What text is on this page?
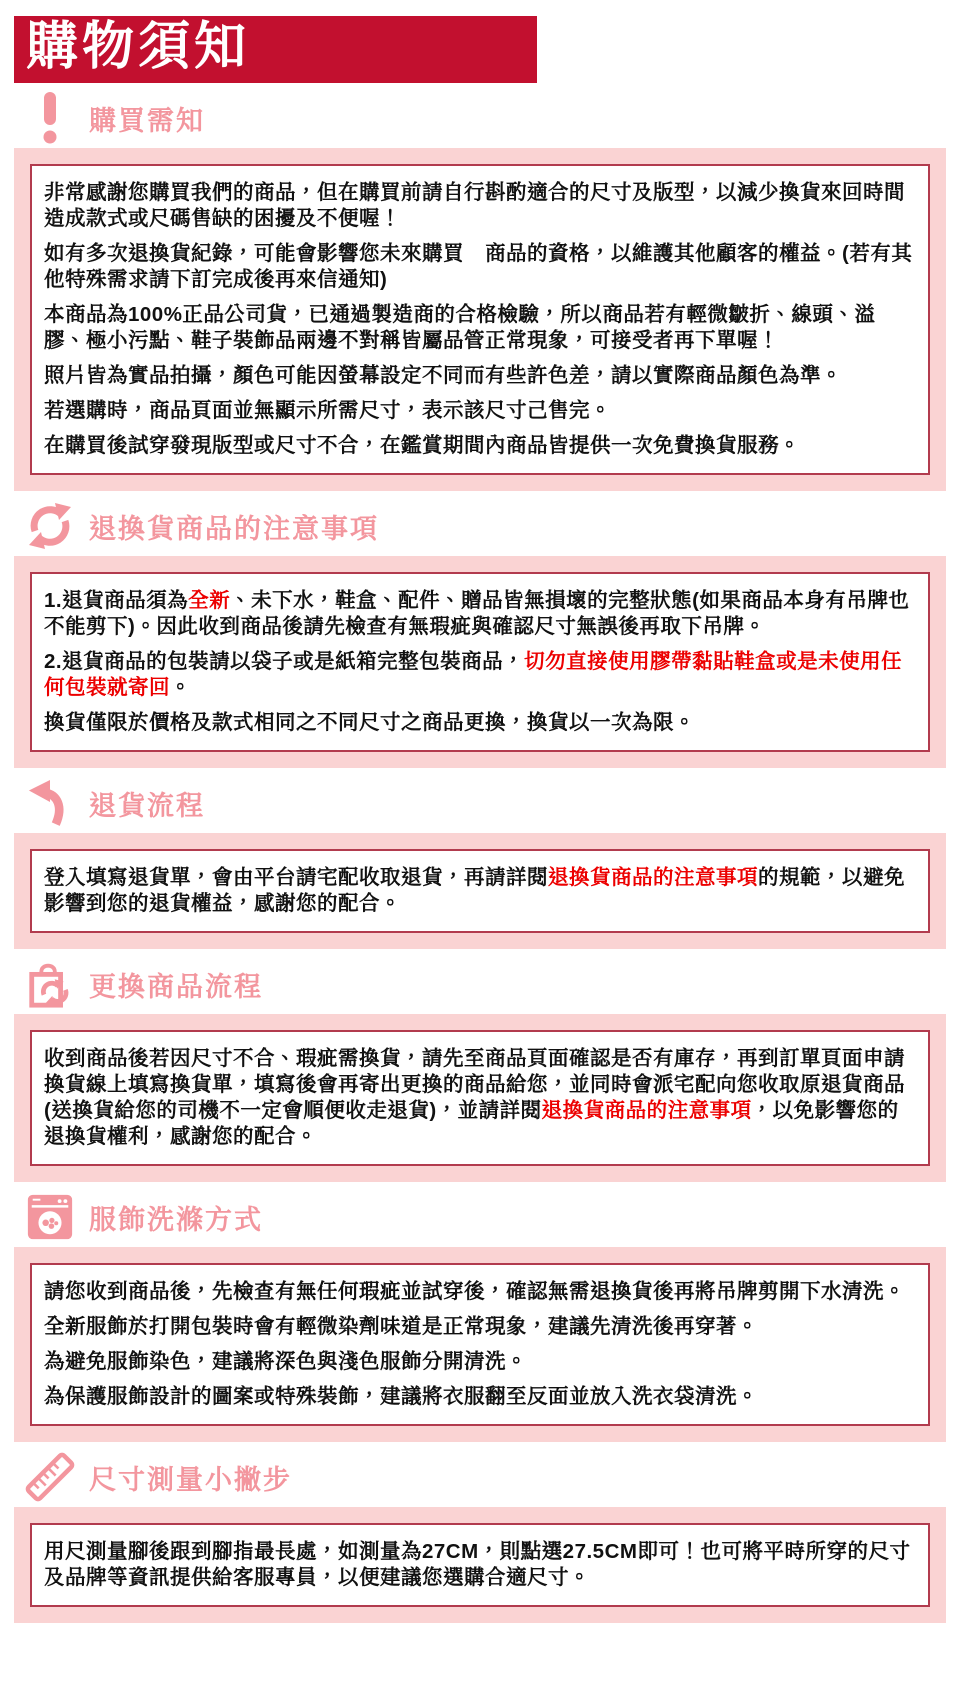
購物須知
購買需知

非常感謝您購買我們的商品，但在購買前請自行斟酌適合的尺寸及版型，以減少換貨來回時間造成款式或尺碼售缺的困擾及不便喔！

如有多次退換貨紀錄，可能會影響您未來購買　商品的資格，以維護其他顧客的權益。(若有其他特殊需求請下訂完成後再來信通知)

本商品為100%正品公司貨，已通過製造商的合格檢驗，所以商品若有輕微皺折、線頭、溢膠、極小污點、鞋子裝飾品兩邊不對稱皆屬品管正常現象，可接受者再下單喔！

照片皆為實品拍攝，顏色可能因螢幕設定不同而有些許色差，請以實際商品顏色為準。

若選購時，商品頁面並無顯示所需尺寸，表示該尺寸己售完。

在購買後試穿發現版型或尺寸不合，在鑑賞期間內商品皆提供一次免費換貨服務。

退換貨商品的注意事項

1.退貨商品須為全新、未下水，鞋盒、配件、贈品皆無損壞的完整狀態(如果商品本身有吊牌也不能剪下)。因此收到商品後請先檢查有無瑕疵與確認尺寸無誤後再取下吊牌。

2.退貨商品的包裝請以袋子或是紙箱完整包裝商品，切勿直接使用膠帶黏貼鞋盒或是未使用任何包裝就寄回。

換貨僅限於價格及款式相同之不同尺寸之商品更換，換貨以一次為限。

退貨流程

登入填寫退貨單，會由平台請宅配收取退貨，再請詳閱退換貨商品的注意事項的規範，以避免影響到您的退貨權益，感謝您的配合。

更換商品流程

收到商品後若因尺寸不合、瑕疵需換貨，請先至商品頁面確認是否有庫存，再到訂單頁面申請換貨線上填寫換貨單，填寫後會再寄出更換的商品給您，並同時會派宅配向您收取原退貨商品(送換貨給您的司機不一定會順便收走退貨)，並請詳閱退換貨商品的注意事項，以免影響您的退換貨權利，感謝您的配合。

服飾洗滌方式

請您收到商品後，先檢查有無任何瑕疵並試穿後，確認無需退換貨後再將吊牌剪開下水清洗。

全新服飾於打開包裝時會有輕微染劑味道是正常現象，建議先清洗後再穿著。

為避免服飾染色，建議將深色與淺色服飾分開清洗。

為保護服飾設計的圖案或特殊裝飾，建議將衣服翻至反面並放入洗衣袋清洗。

尺寸測量小撇步

用尺測量腳後跟到腳指最長處，如測量為27CM，則點選27.5CM即可！也可將平時所穿的尺寸及品牌等資訊提供給客服專員，以便建議您選購合適尺寸。
